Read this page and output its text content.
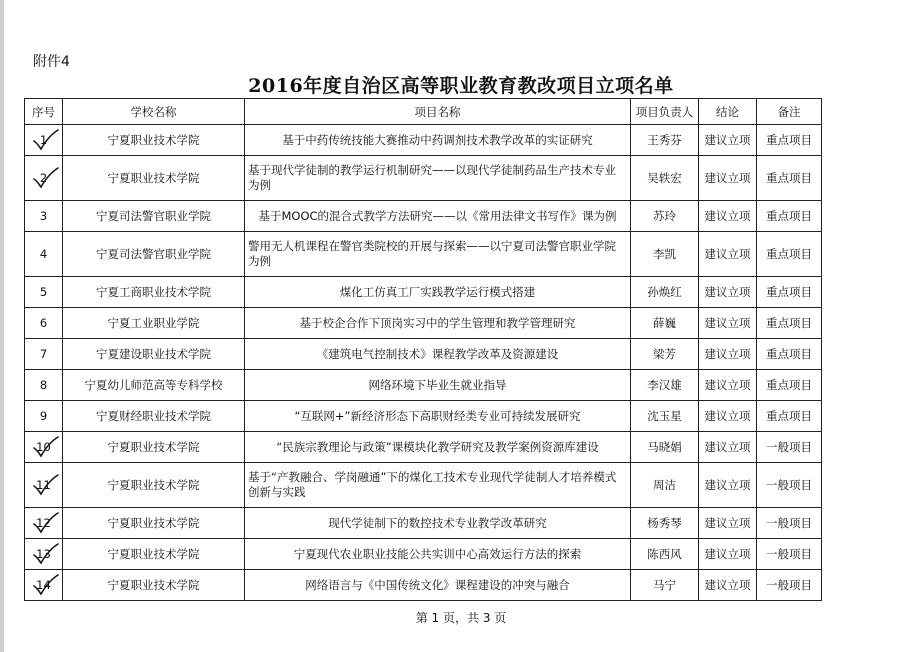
附件4
2016年度自治区高等职业教育教改项目立项名单
序号	学校名称	项目名称	项目负责人	结论	备注
1	宁夏职业技术学院	基于中药传统技能大赛推动中药调剂技术教学改革的实证研究	王秀芬	建议立项	重点项目
2	宁夏职业技术学院	基于现代学徒制的教学运行机制研究——以现代学徒制药品生产技术专业为例	吴轶宏	建议立项	重点项目
3	宁夏司法警官职业学院	基于MOOC的混合式教学方法研究——以《常用法律文书写作》课为例	苏玲	建议立项	重点项目
4	宁夏司法警官职业学院	警用无人机课程在警官类院校的开展与探索——以宁夏司法警官职业学院为例	李凯	建议立项	重点项目
5	宁夏工商职业技术学院	煤化工仿真工厂实践教学运行模式搭建	孙焕红	建议立项	重点项目
6	宁夏工业职业学院	基于校企合作下顶岗实习中的学生管理和教学管理研究	薛巍	建议立项	重点项目
7	宁夏建设职业技术学院	《建筑电气控制技术》课程教学改革及资源建设	梁芳	建议立项	重点项目
8	宁夏幼儿师范高等专科学校	网络环境下毕业生就业指导	李汉雄	建议立项	重点项目
9	宁夏财经职业技术学院	“互联网+”新经济形态下高职财经类专业可持续发展研究	沈玉星	建议立项	重点项目
10	宁夏职业技术学院	“民族宗教理论与政策”课模块化教学研究及教学案例资源库建设	马晓娟	建议立项	一般项目
11	宁夏职业技术学院	基于“产教融合、学岗融通”下的煤化工技术专业现代学徒制人才培养模式创新与实践	周洁	建议立项	一般项目
12	宁夏职业技术学院	现代学徒制下的数控技术专业教学改革研究	杨秀琴	建议立项	一般项目
13	宁夏职业技术学院	宁夏现代农业职业技能公共实训中心高效运行方法的探索	陈西风	建议立项	一般项目
14	宁夏职业技术学院	网络语言与《中国传统文化》课程建设的冲突与融合	马宁	建议立项	一般项目
第 1 页，共 3 页
